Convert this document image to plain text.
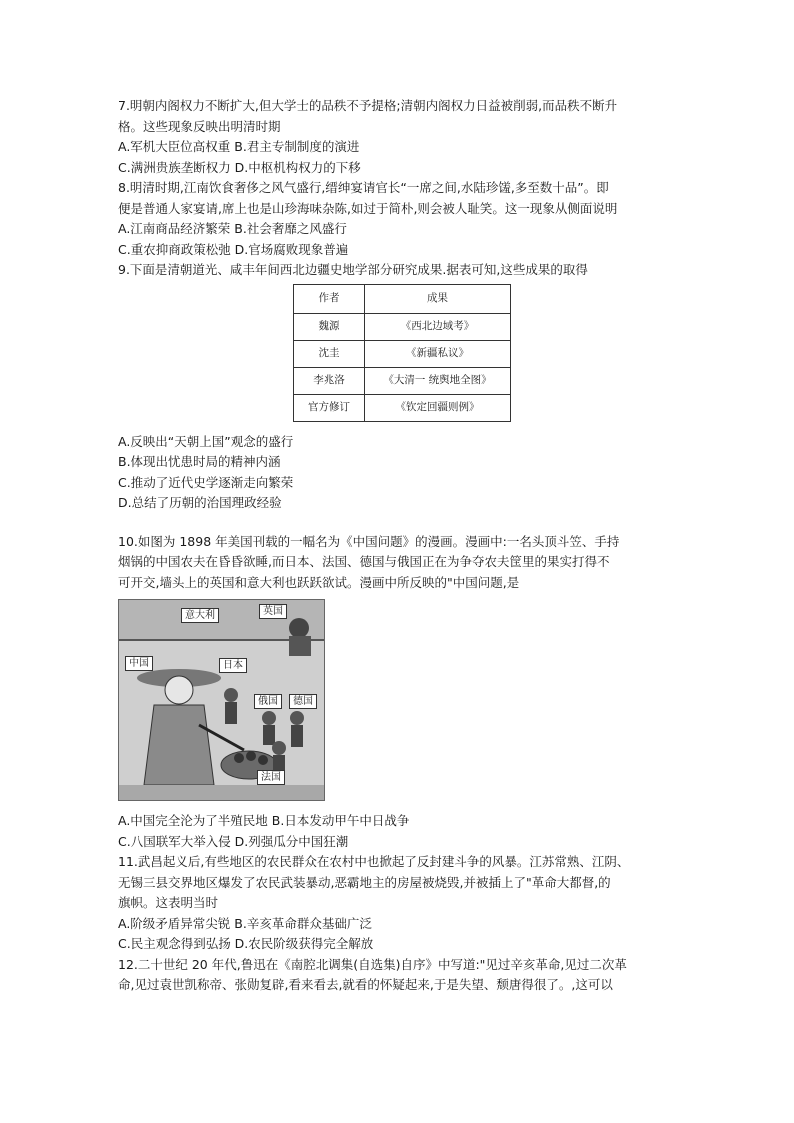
7.明朝内阁权力不断扩大,但大学士的品秩不予提格;清朝内阁权力日益被削弱,而品秩不断升
格。这些现象反映出明清时期
A.军机大臣位高权重 B.君主专制制度的演进
C.满洲贵族垄断权力 D.中枢机构权力的下移
8.明清时期,江南饮食奢侈之风气盛行,缙绅宴请官长“一席之间,水陆珍馐,多至数十品”。即
便是普通人家宴请,席上也是山珍海味杂陈,如过于简朴,则会被人耻笑。这一现象从侧面说明
A.江南商品经济繁荣 B.社会奢靡之风盛行
C.重农抑商政策松弛 D.官场腐败现象普遍
9.下面是清朝道光、咸丰年间西北边疆史地学部分研究成果.据表可知,这些成果的取得
作者	成果
魏源	《西北边域考》
沈圭	《新疆私议》
李兆洛	《大清一 统舆地全图》
官方修订	《钦定回疆则例》
A.反映出“天朝上国”观念的盛行
B.体现出忧患时局的精神内涵
C.推动了近代史学逐渐走向繁荣
D.总结了历朝的治国理政经验
10.如图为 1898 年美国刊载的一幅名为《中国问题》的漫画。漫画中:一名头顶斗笠、手持
烟锅的中国农夫在昏昏欲睡,而日本、法国、德国与俄国正在为争夺农夫筐里的果实打得不
可开交,墙头上的英国和意大利也跃跃欲试。漫画中所反映的"中国问题,是
意大利	英国
中国	日本
俄国	德国
法国
A.中国完全沦为了半殖民地 B.日本发动甲午中日战争
C.八国联军大举入侵 D.列强瓜分中国狂潮
11.武昌起义后,有些地区的农民群众在农村中也掀起了反封建斗争的风暴。江苏常熟、江阴、
无锡三县交界地区爆发了农民武装暴动,恶霸地主的房屋被烧毁,并被插上了"革命大都督,的
旗帜。这表明当时
A.阶级矛盾异常尖锐 B.辛亥革命群众基础广泛
C.民主观念得到弘扬 D.农民阶级获得完全解放
12.二十世纪 20 年代,鲁迅在《南腔北调集(自选集)自序》中写道:"见过辛亥革命,见过二次革
命,见过袁世凯称帝、张勋复辟,看来看去,就看的怀疑起来,于是失望、颓唐得很了。,这可以
